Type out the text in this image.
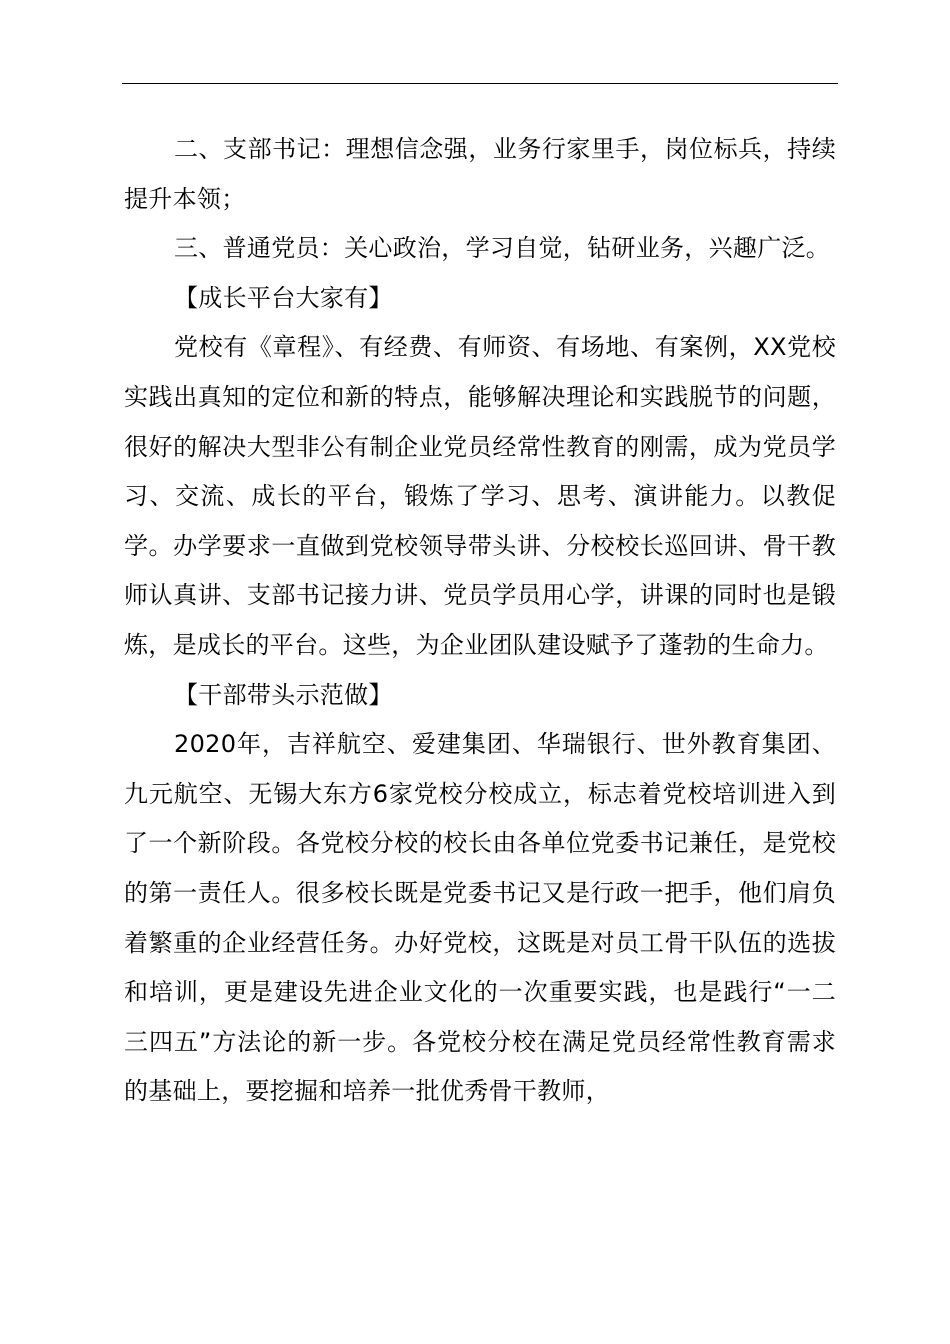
二、支部书记：理想信念强，业务行家里手，岗位标兵，持续提升本领；

三、普通党员：关心政治，学习自觉，钻研业务，兴趣广泛。

【成长平台大家有】

党校有《章程》、有经费、有师资、有场地、有案例，XX党校实践出真知的定位和新的特点，能够解决理论和实践脱节的问题，很好的解决大型非公有制企业党员经常性教育的刚需，成为党员学习、交流、成长的平台，锻炼了学习、思考、演讲能力。以教促学。办学要求一直做到党校领导带头讲、分校校长巡回讲、骨干教师认真讲、支部书记接力讲、党员学员用心学，讲课的同时也是锻炼，是成长的平台。这些，为企业团队建设赋予了蓬勃的生命力。

【干部带头示范做】

2020年，吉祥航空、爱建集团、华瑞银行、世外教育集团、九元航空、无锡大东方6家党校分校成立，标志着党校培训进入到了一个新阶段。各党校分校的校长由各单位党委书记兼任，是党校的第一责任人。很多校长既是党委书记又是行政一把手，他们肩负着繁重的企业经营任务。办好党校，这既是对员工骨干队伍的选拔和培训，更是建设先进企业文化的一次重要实践，也是践行“一二三四五”方法论的新一步。各党校分校在满足党员经常性教育需求的基础上，要挖掘和培养一批优秀骨干教师，
